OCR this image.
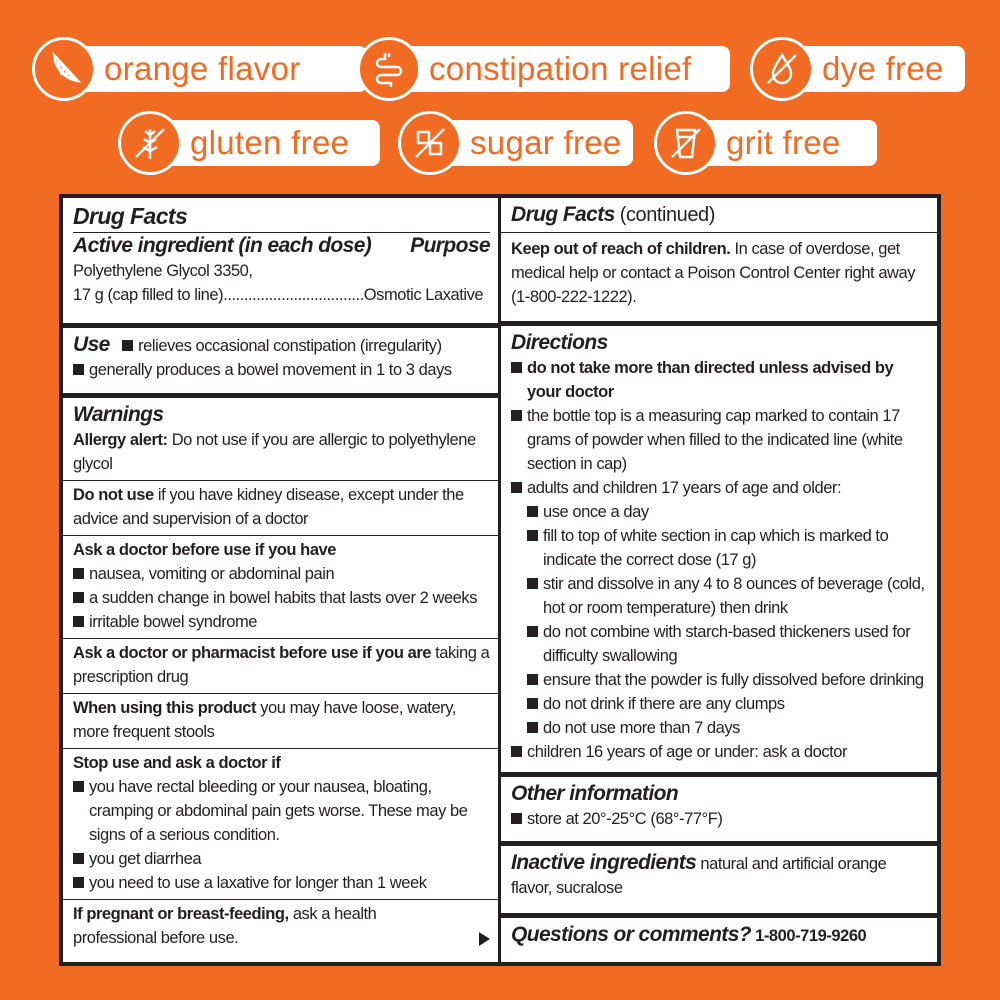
orange flavor	constipation relief	dye free
gluten free	sugar free	grit free
Drug Facts
Active ingredient (in each dose) Purpose
Polyethylene Glycol 3350,
17 g (cap filled to line)..................................Osmotic Laxative
Use relieves occasional constipation (irregularity)
generally produces a bowel movement in 1 to 3 days
Warnings
Allergy alert: Do not use if you are allergic to polyethylene glycol
Do not use if you have kidney disease, except under the advice and supervision of a doctor
Ask a doctor before use if you have
nausea, vomiting or abdominal pain
a sudden change in bowel habits that lasts over 2 weeks
irritable bowel syndrome
Ask a doctor or pharmacist before use if you are taking a prescription drug
When using this product you may have loose, watery, more frequent stools
Stop use and ask a doctor if
you have rectal bleeding or your nausea, bloating, cramping or abdominal pain gets worse. These may be signs of a serious condition.
you get diarrhea
you need to use a laxative for longer than 1 week
If pregnant or breast-feeding, ask a health professional before use.
Drug Facts (continued)
Keep out of reach of children. In case of overdose, get medical help or contact a Poison Control Center right away (1-800-222-1222).
Directions
do not take more than directed unless advised by your doctor
the bottle top is a measuring cap marked to contain 17 grams of powder when filled to the indicated line (white section in cap)
adults and children 17 years of age and older:
use once a day
fill to top of white section in cap which is marked to indicate the correct dose (17 g)
stir and dissolve in any 4 to 8 ounces of beverage (cold, hot or room temperature) then drink
do not combine with starch-based thickeners used for difficulty swallowing
ensure that the powder is fully dissolved before drinking
do not drink if there are any clumps
do not use more than 7 days
children 16 years of age or under: ask a doctor
Other information
store at 20°-25°C (68°-77°F)
Inactive ingredients natural and artificial orange flavor, sucralose
Questions or comments? 1-800-719-9260
